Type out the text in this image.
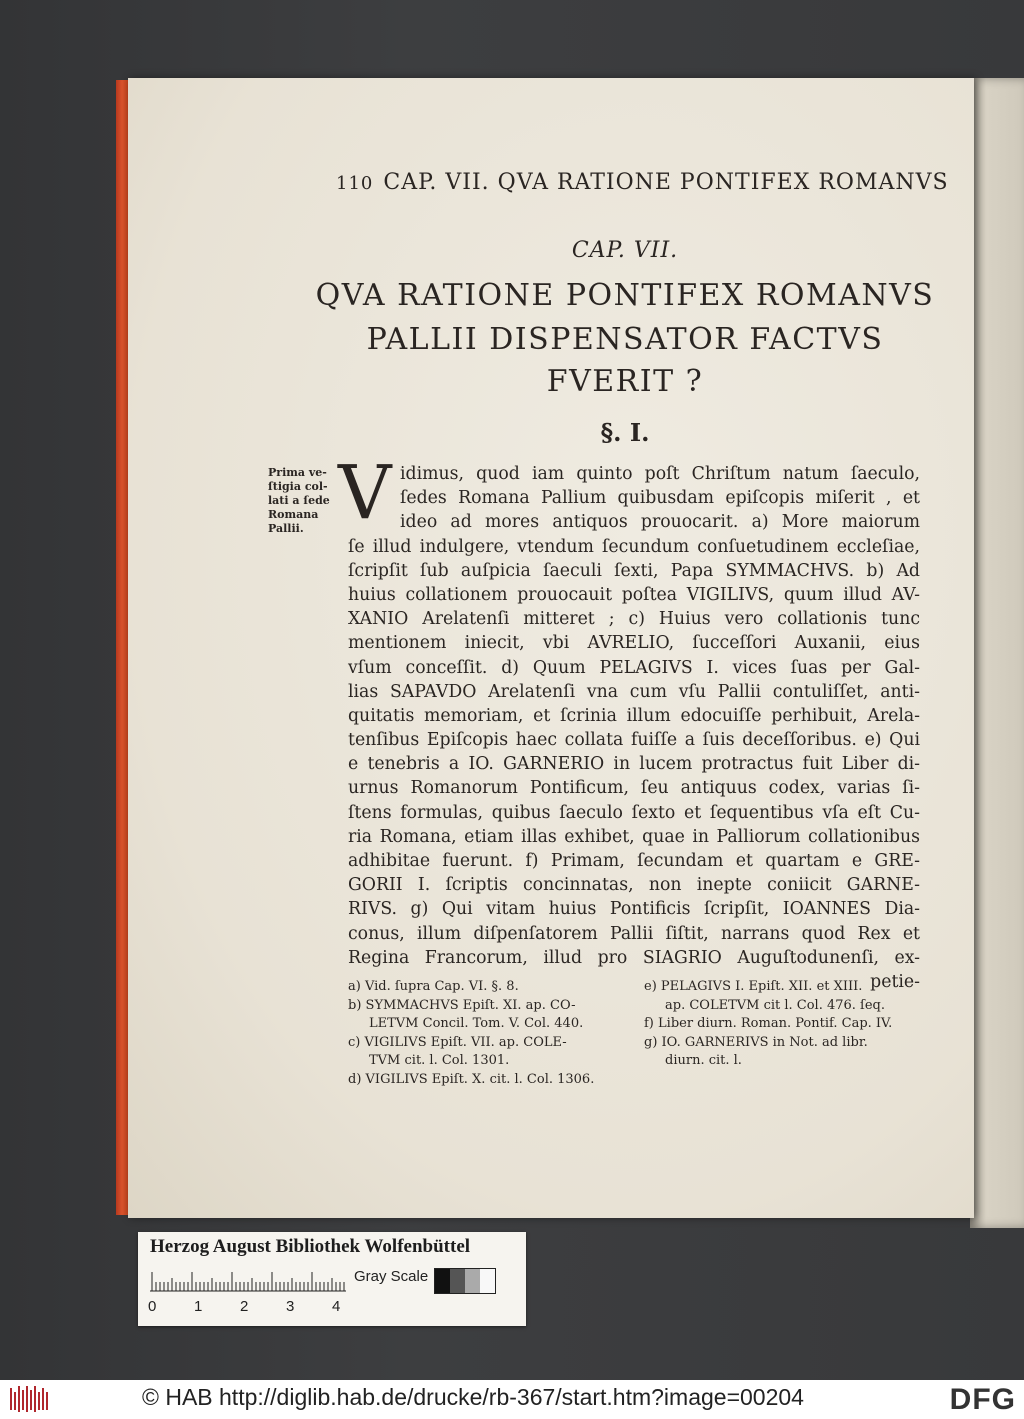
110 CAP. VII. QVA RATIONE PONTIFEX ROMANVS
CAP. VII.
QVA RATIONE PONTIFEX ROMANVS
PALLII DISPENSATOR FACTVS
FVERIT ?
§. I.
Prima ve-
ſtigia col-
lati a ſede
Romana
Pallii. V idimus, quod iam quinto poſt Chriſtum natum ſaeculo,
ſedes Romana Pallium quibusdam epiſcopis miſerit , et
ideo ad mores antiquos prouocarit. a) More maiorum
ſe illud indulgere, vtendum ſecundum conſuetudinem eccleſiae,
ſcripſit ſub auſpicia ſaeculi ſexti, Papa SYMMACHVS. b) Ad
huius collationem prouocauit poſtea VIGILIVS, quum illud AV-
XANIO Arelatenſi mitteret ; c) Huius vero collationis tunc
mentionem iniecit, vbi AVRELIO, ſucceſſori Auxanii, eius
vſum conceſſit. d) Quum PELAGIVS I. vices ſuas per Gal-
lias SAPAVDO Arelatenſi vna cum vſu Pallii contuliſſet, anti-
quitatis memoriam, et ſcrinia illum edocuiſſe perhibuit, Arela-
tenſibus Epiſcopis haec collata fuiſſe a ſuis deceſſoribus. e) Qui
e tenebris a IO. GARNERIO in lucem protractus fuit Liber di-
urnus Romanorum Pontificum, ſeu antiquus codex, varias ſi-
ſtens formulas, quibus ſaeculo ſexto et ſequentibus vſa eſt Cu-
ria Romana, etiam illas exhibet, quae in Palliorum collationibus
adhibitae fuerunt. f) Primam, ſecundam et quartam e GRE-
GORII I. ſcriptis concinnatas, non inepte coniicit GARNE-
RIVS. g) Qui vitam huius Pontificis ſcripſit, IOANNES Dia-
conus, illum diſpenſatorem Pallii ſiſtit, narrans quod Rex et
Regina Francorum, illud pro SIAGRIO Auguſtodunenſi, ex-
petie-
a) Vid. ſupra Cap. VI. §. 8.
b) SYMMACHVS Epiſt. XI. ap. CO-
LETVM Concil. Tom. V. Col. 440.
c) VIGILIVS Epiſt. VII. ap. COLE-
TVM cit. l. Col. 1301.
d) VIGILIVS Epiſt. X. cit. l. Col. 1306.
e) PELAGIVS I. Epiſt. XII. et XIII.
ap. COLETVM cit l. Col. 476. ſeq.
f) Liber diurn. Roman. Pontif. Cap. IV.
g) IO. GARNERIVS in Not. ad libr.
diurn. cit. l.
Herzog August Bibliothek Wolfenbüttel
0	1	2	3	4
Gray Scale
© HAB http://diglib.hab.de/drucke/rb-367/start.htm?image=00204	DFG
